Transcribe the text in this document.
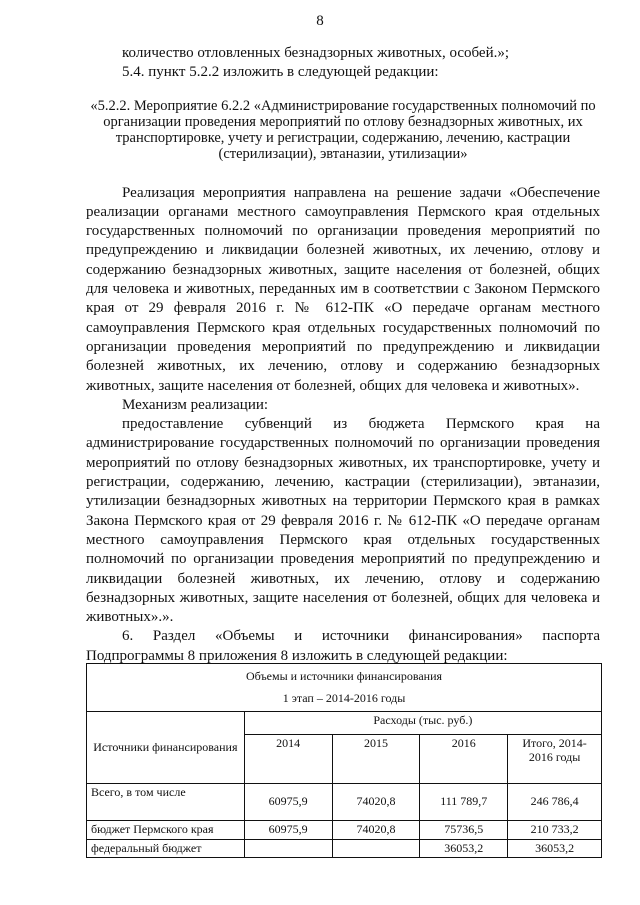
8

количество отловленных безнадзорных животных, особей.»;

5.4. пункт 5.2.2 изложить в следующей редакции:

«5.2.2. Мероприятие 6.2.2 «Администрирование государственных полномочий по организации проведения мероприятий по отлову безнадзорных животных, их транспортировке, учету и регистрации, содержанию, лечению, кастрации (стерилизации), эвтаназии, утилизации»

Реализация мероприятия направлена на решение задачи «Обеспечение реализации органами местного самоуправления Пермского края отдельных государственных полномочий по организации проведения мероприятий по предупреждению и ликвидации болезней животных, их лечению, отлову и содержанию безнадзорных животных, защите населения от болезней, общих для человека и животных, переданных им в соответствии с Законом Пермского края от 29 февраля 2016 г. № 612-ПК «О передаче органам местного самоуправления Пермского края отдельных государственных полномочий по организации проведения мероприятий по предупреждению и ликвидации болезней животных, их лечению, отлову и содержанию безнадзорных животных, защите населения от болезней, общих для человека и животных».

Механизм реализации:

предоставление субвенций из бюджета Пермского края на администрирование государственных полномочий по организации проведения мероприятий по отлову безнадзорных животных, их транспортировке, учету и регистрации, содержанию, лечению, кастрации (стерилизации), эвтаназии, утилизации безнадзорных животных на территории Пермского края в рамках Закона Пермского края от 29 февраля 2016 г. № 612-ПК «О передаче органам местного самоуправления Пермского края отдельных государственных полномочий по организации проведения мероприятий по предупреждению и ликвидации болезней животных, их лечению, отлову и содержанию безнадзорных животных, защите населения от болезней, общих для человека и животных».».

6. Раздел «Объемы и источники финансирования» паспорта Подпрограммы 8 приложения 8 изложить в следующей редакции:

Объемы и источники финансирования
1 этап – 2014-2016 годы				

Источники финансирования	Расходы (тыс. руб.)			
	2014	2015	2016	Итого, 2014-2016 годы
Всего, в том числе	60975,9	74020,8	111 789,7	246 786,4
бюджет Пермского края	60975,9	74020,8	75736,5	210 733,2
федеральный бюджет			36053,2	36053,2
